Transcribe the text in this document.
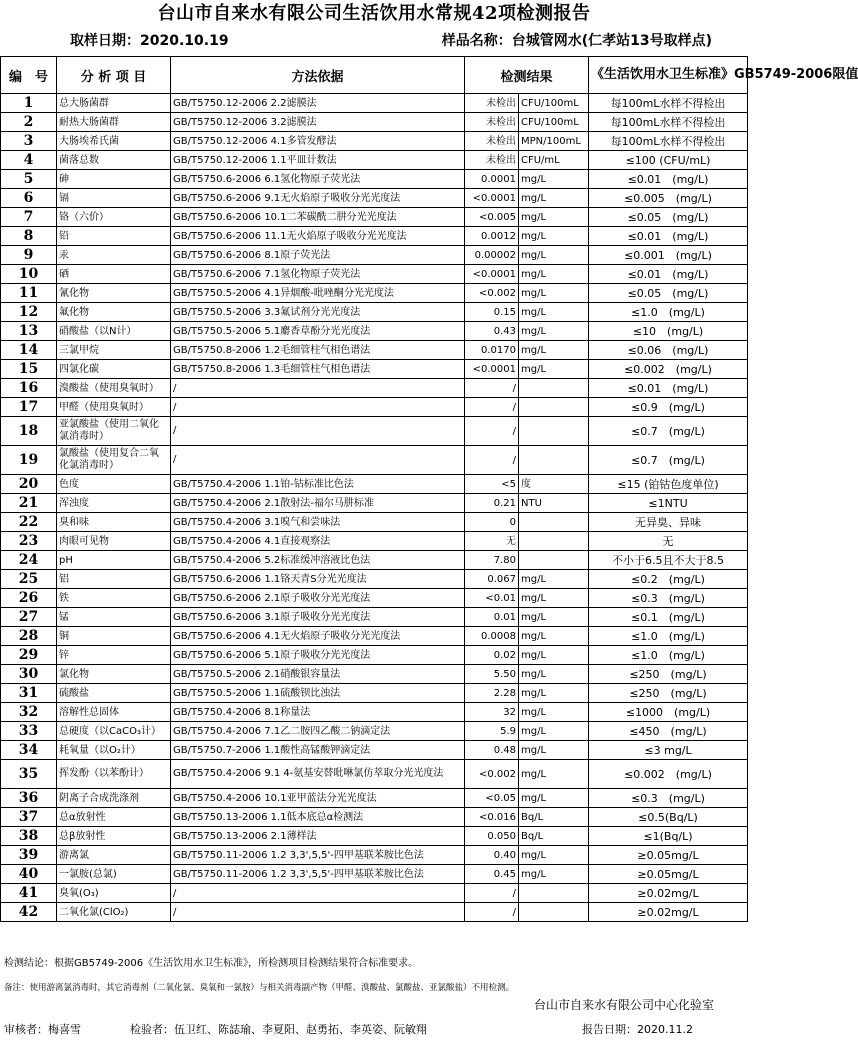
台山市自来水有限公司生活饮用水常规42项检测报告
取样日期：2020.10.19	样品名称：台城管网水(仁孝站13号取样点)
编　号	分 析 项 目	方法依据	检测结果		《生活饮用水卫生标准》GB5749-2006限值
1	总大肠菌群	GB/T5750.12-2006 2.2滤膜法	未检出	CFU/100mL	每100mL水样不得检出
2	耐热大肠菌群	GB/T5750.12-2006 3.2滤膜法	未检出	CFU/100mL	每100mL水样不得检出
3	大肠埃希氏菌	GB/T5750.12-2006 4.1多管发酵法	未检出	MPN/100mL	每100mL水样不得检出
4	菌落总数	GB/T5750.12-2006 1.1平皿计数法	未检出	CFU/mL	≤100 (CFU/mL)
5	砷	GB/T5750.6-2006 6.1氢化物原子荧光法	0.0001	mg/L	≤0.01　(mg/L)
6	镉	GB/T5750.6-2006 9.1无火焰原子吸收分光光度法	<0.0001	mg/L	≤0.005　(mg/L)
7	铬（六价）	GB/T5750.6-2006 10.1二苯碳酰二肼分光光度法	<0.005	mg/L	≤0.05　(mg/L)
8	铅	GB/T5750.6-2006 11.1无火焰原子吸收分光光度法	0.0012	mg/L	≤0.01　(mg/L)
9	汞	GB/T5750.6-2006 8.1原子荧光法	0.00002	mg/L	≤0.001　(mg/L)
10	硒	GB/T5750.6-2006 7.1氢化物原子荧光法	<0.0001	mg/L	≤0.01　(mg/L)
11	氰化物	GB/T5750.5-2006 4.1异烟酸-吡唑酮分光光度法	<0.002	mg/L	≤0.05　(mg/L)
12	氟化物	GB/T5750.5-2006 3.3氟试剂分光光度法	0.15	mg/L	≤1.0　(mg/L)
13	硝酸盐（以N计）	GB/T5750.5-2006 5.1麝香草酚分光光度法	0.43	mg/L	≤10　(mg/L)
14	三氯甲烷	GB/T5750.8-2006 1.2毛细管柱气相色谱法	0.0170	mg/L	≤0.06　(mg/L)
15	四氯化碳	GB/T5750.8-2006 1.3毛细管柱气相色谱法	<0.0001	mg/L	≤0.002　(mg/L)
16	溴酸盐（使用臭氧时）	/	/		≤0.01　(mg/L)
17	甲醛（使用臭氧时）	/	/		≤0.9　(mg/L)
18	亚氯酸盐（使用二氧化氯消毒时）	/	/		≤0.7　(mg/L)
19	氯酸盐（使用复合二氧化氯消毒时）	/	/		≤0.7　(mg/L)
20	色度	GB/T5750.4-2006 1.1铂-钴标准比色法	<5	度	≤15 (铂钴色度单位)
21	浑浊度	GB/T5750.4-2006 2.1散射法-福尔马肼标准	0.21	NTU	≤1NTU
22	臭和味	GB/T5750.4-2006 3.1嗅气和尝味法	0		无异臭、异味
23	肉眼可见物	GB/T5750.4-2006 4.1直接观察法	无		无
24	pH	GB/T5750.4-2006 5.2标准缓冲溶液比色法	7.80		不小于6.5且不大于8.5
25	铝	GB/T5750.6-2006 1.1铬天青S分光光度法	0.067	mg/L	≤0.2　(mg/L)
26	铁	GB/T5750.6-2006 2.1原子吸收分光光度法	<0.01	mg/L	≤0.3　(mg/L)
27	锰	GB/T5750.6-2006 3.1原子吸收分光光度法	0.01	mg/L	≤0.1　(mg/L)
28	铜	GB/T5750.6-2006 4.1无火焰原子吸收分光光度法	0.0008	mg/L	≤1.0　(mg/L)
29	锌	GB/T5750.6-2006 5.1原子吸收分光光度法	0.02	mg/L	≤1.0　(mg/L)
30	氯化物	GB/T5750.5-2006 2.1硝酸银容量法	5.50	mg/L	≤250　(mg/L)
31	硫酸盐	GB/T5750.5-2006 1.1硫酸钡比浊法	2.28	mg/L	≤250　(mg/L)
32	溶解性总固体	GB/T5750.4-2006 8.1称量法	32	mg/L	≤1000　(mg/L)
33	总硬度（以CaCO₃计）	GB/T5750.4-2006 7.1乙二胺四乙酸二钠滴定法	5.9	mg/L	≤450　(mg/L)
34	耗氧量（以O₂计）	GB/T5750.7-2006 1.1酸性高锰酸钾滴定法	0.48	mg/L	≤3 mg/L
35	挥发酚（以苯酚计）	GB/T5750.4-2006 9.1 4-氨基安替吡啉氯仿萃取分光光度法	<0.002	mg/L	≤0.002　(mg/L)
36	阴离子合成洗涤剂	GB/T5750.4-2006 10.1亚甲蓝法分光光度法	<0.05	mg/L	≤0.3　(mg/L)
37	总α放射性	GB/T5750.13-2006 1.1低本底总α检测法	<0.016	Bq/L	≤0.5(Bq/L)
38	总β放射性	GB/T5750.13-2006 2.1薄样法	0.050	Bq/L	≤1(Bq/L)
39	游离氯	GB/T5750.11-2006 1.2 3,3',5,5'-四甲基联苯胺比色法	0.40	mg/L	≥0.05mg/L
40	一氯胺(总氯)	GB/T5750.11-2006 1.2 3,3',5,5'-四甲基联苯胺比色法	0.45	mg/L	≥0.05mg/L
41	臭氧(O₃)	/	/		≥0.02mg/L
42	二氧化氯(ClO₂)	/	/		≥0.02mg/L
检测结论：根据GB5749-2006《生活饮用水卫生标准》，所检测项目检测结果符合标准要求。
备注：使用游离氯消毒时，其它消毒剂（二氧化氯、臭氧和一氯胺）与相关消毒副产物（甲醛、溴酸盐、氯酸盐、亚氯酸盐）不用检测。
台山市自来水有限公司中心化验室
审核者：梅喜雪	检验者：伍卫红、陈誌瑜、李夏阳、赵勇拓、李英姿、阮敏翔	报告日期：2020.11.2
